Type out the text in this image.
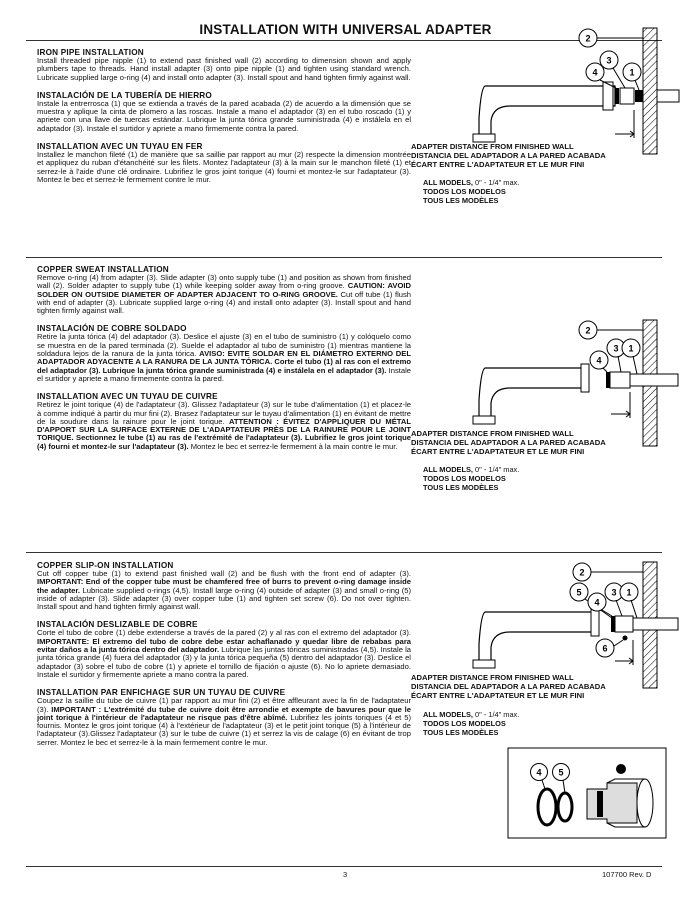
INSTALLATION WITH UNIVERSAL ADAPTER
IRON PIPE INSTALLATION
Install threaded pipe nipple (1) to extend past finished wall (2) according to dimension shown and apply plumbers tape to threads. Hand install adapter (3) onto pipe nipple (1) and tighten using standard wrench. Lubricate supplied large o-ring (4) and install onto adapter (3). Install spout and hand tighten firmly against wall.
INSTALACIÓN DE LA TUBERÍA DE HIERRO
Instale la entrerrosca (1) que se extienda a través de la pared acabada (2) de acuerdo a la dimensión que se muestra y aplique la cinta de plomero a las roscas. Instale a mano el adaptador (3) en el tubo roscado (1) y apriete con una llave de tuercas estándar. Lubrique la junta tórica grande suministrada (4) e instálela en el adaptador (3). Instale el surtidor y apriete a mano firmemente contra la pared.
INSTALLATION AVEC UN TUYAU EN FER
Installez le manchon fileté (1) de manière que sa saillie par rapport au mur (2) respecte la dimension montrée et appliquez du ruban d'étanchéité sur les filets. Montez l'adaptateur (3) à la main sur le manchon fileté (1) et serrez-le à l'aide d'une clé ordinaire. Lubrifiez le gros joint torique (4) fourni et montez-le sur l'adaptateur (3). Montez le bec et serrez-le fermement contre le mur.
COPPER SWEAT INSTALLATION
Remove o-ring (4) from adapter (3). Slide adapter (3) onto supply tube (1) and position as shown from finished wall (2). Solder adapter to supply tube (1) while keeping solder away from o-ring groove. CAUTION: AVOID SOLDER ON OUTSIDE DIAMETER OF ADAPTER ADJACENT TO O-RING GROOVE. Cut off tube (1) flush with end of adapter (3). Lubricate supplied large o-ring (4) and install onto adapter (3). Install spout and hand tighten firmly against wall.
INSTALACIÓN DE COBRE SOLDADO
Retire la junta tórica (4) del adaptador (3). Deslice el ajuste (3) en el tubo de suministro (1) y colóquelo como se muestra en de la pared terminada (2). Suelde el adaptador al tubo de suministro (1) mientras mantiene la soldadura lejos de la ranura de la junta tórica. AVISO: EVITE SOLDAR EN EL DIÁMETRO EXTERNO DEL ADAPTADOR ADYACENTE A LA RANURA DE LA JUNTA TÓRICA. Corte el tubo (1) al ras con el extremo del adaptador (3). Lubrique la junta tórica grande suministrada (4) e instálela en el adaptador (3). Instale el surtidor y apriete a mano firmemente contra la pared.
INSTALLATION AVEC UN TUYAU DE CUIVRE
Retirez le joint torique (4) de l'adaptateur (3). Glissez l'adaptateur (3) sur le tube d'alimentation (1) et placez-le à comme indiqué à partir du mur fini (2). Brasez l'adaptateur sur le tuyau d'alimentation (1) en évitant de mettre de la soudure dans la rainure pour le joint torique. ATTENTION : ÉVITEZ D'APPLIQUER DU MÉTAL D'APPORT SUR LA SURFACE EXTERNE DE L'ADAPTATEUR PRÈS DE LA RAINURE POUR LE JOINT TORIQUE. Sectionnez le tube (1) au ras de l'extrémité de l'adaptateur (3). Lubrifiez le gros joint torique (4) fourni et montez-le sur l'adaptateur (3). Montez le bec et serrez-le fermement à la main contre le mur.
COPPER SLIP-ON INSTALLATION
Cut off copper tube (1) to extend past finished wall (2) and be flush with the front end of adapter (3). IMPORTANT: End of the copper tube must be chamfered free of burrs to prevent o-ring damage inside the adapter. Lubricate supplied o-rings (4,5). Install large o-ring (4) outside of adapter (3) and small o-ring (5) inside of adapter (3). Slide adapter (3) over copper tube (1) and tighten set screw (6). Do not over tighten. Install spout and hand tighten firmly against wall.
INSTALACIÓN DESLIZABLE DE COBRE
Corte el tubo de cobre (1) debe extenderse a través de la pared (2) y al ras con el extremo del adaptador (3). IMPORTANTE: El extremo del tubo de cobre debe estar achaflanado y quedar libre de rebabas para evitar daños a la junta tórica dentro del adaptador. Lubrique las juntas tóricas suministradas (4,5). Instale la junta tórica grande (4) fuera del adaptador (3) y la junta tórica pequeña (5) dentro del adaptador (3). Deslice el adaptador (3) sobre el tubo de cobre (1) y apriete el tornillo de fijación o ajuste (6). No lo apriete demasiado. Instale el surtidor y firmemente apriete a mano contra la pared.
INSTALLATION PAR ENFICHAGE SUR UN TUYAU DE CUIVRE
Coupez la saillie du tube de cuivre (1) par rapport au mur fini (2) et être affleurant avec la fin de l'adaptateur (3). IMPORTANT : L'extrémité du tube de cuivre doit être arrondie et exempte de bavures pour que le joint torique à l'intérieur de l'adaptateur ne risque pas d'être abîmé. Lubrifiez les joints toriques (4 et 5) fournis. Montez le gros joint torique (4) à l'extérieur de l'adaptateur (3) et le petit joint torique (5) à l'intérieur de l'adaptateur (3).Glissez l'adaptateur (3) sur le tube de cuivre (1) et serrez la vis de calage (6) en évitant de trop serrer. Montez le bec et serrez-le à la main fermement contre le mur.
3	107700 Rev. D
2
3
4	1
ADAPTER DISTANCE FROM FINISHED WALL
DISTANCIA DEL ADAPTADOR A LA PARED ACABADA
ÉCART ENTRE L'ADAPTATEUR ET LE MUR FINI
ALL MODELS, 0" - 1/4" max.
TODOS LOS MODELOS
TOUS LES MODÈLES
2
3 1
4
ADAPTER DISTANCE FROM FINISHED WALL
DISTANCIA DEL ADAPTADOR A LA PARED ACABADA
ÉCART ENTRE L'ADAPTATEUR ET LE MUR FINI
ALL MODELS, 0" - 1/4" max.
TODOS LOS MODELOS
TOUS LES MODÈLES
2
5
4
3 1
6
ADAPTER DISTANCE FROM FINISHED WALL
DISTANCIA DEL ADAPTADOR A LA PARED ACABADA
ÉCART ENTRE L'ADAPTATEUR ET LE MUR FINI
ALL MODELS, 0" - 1/4" max.
TODOS LOS MODELOS
TOUS LES MODÈLES
4 5
